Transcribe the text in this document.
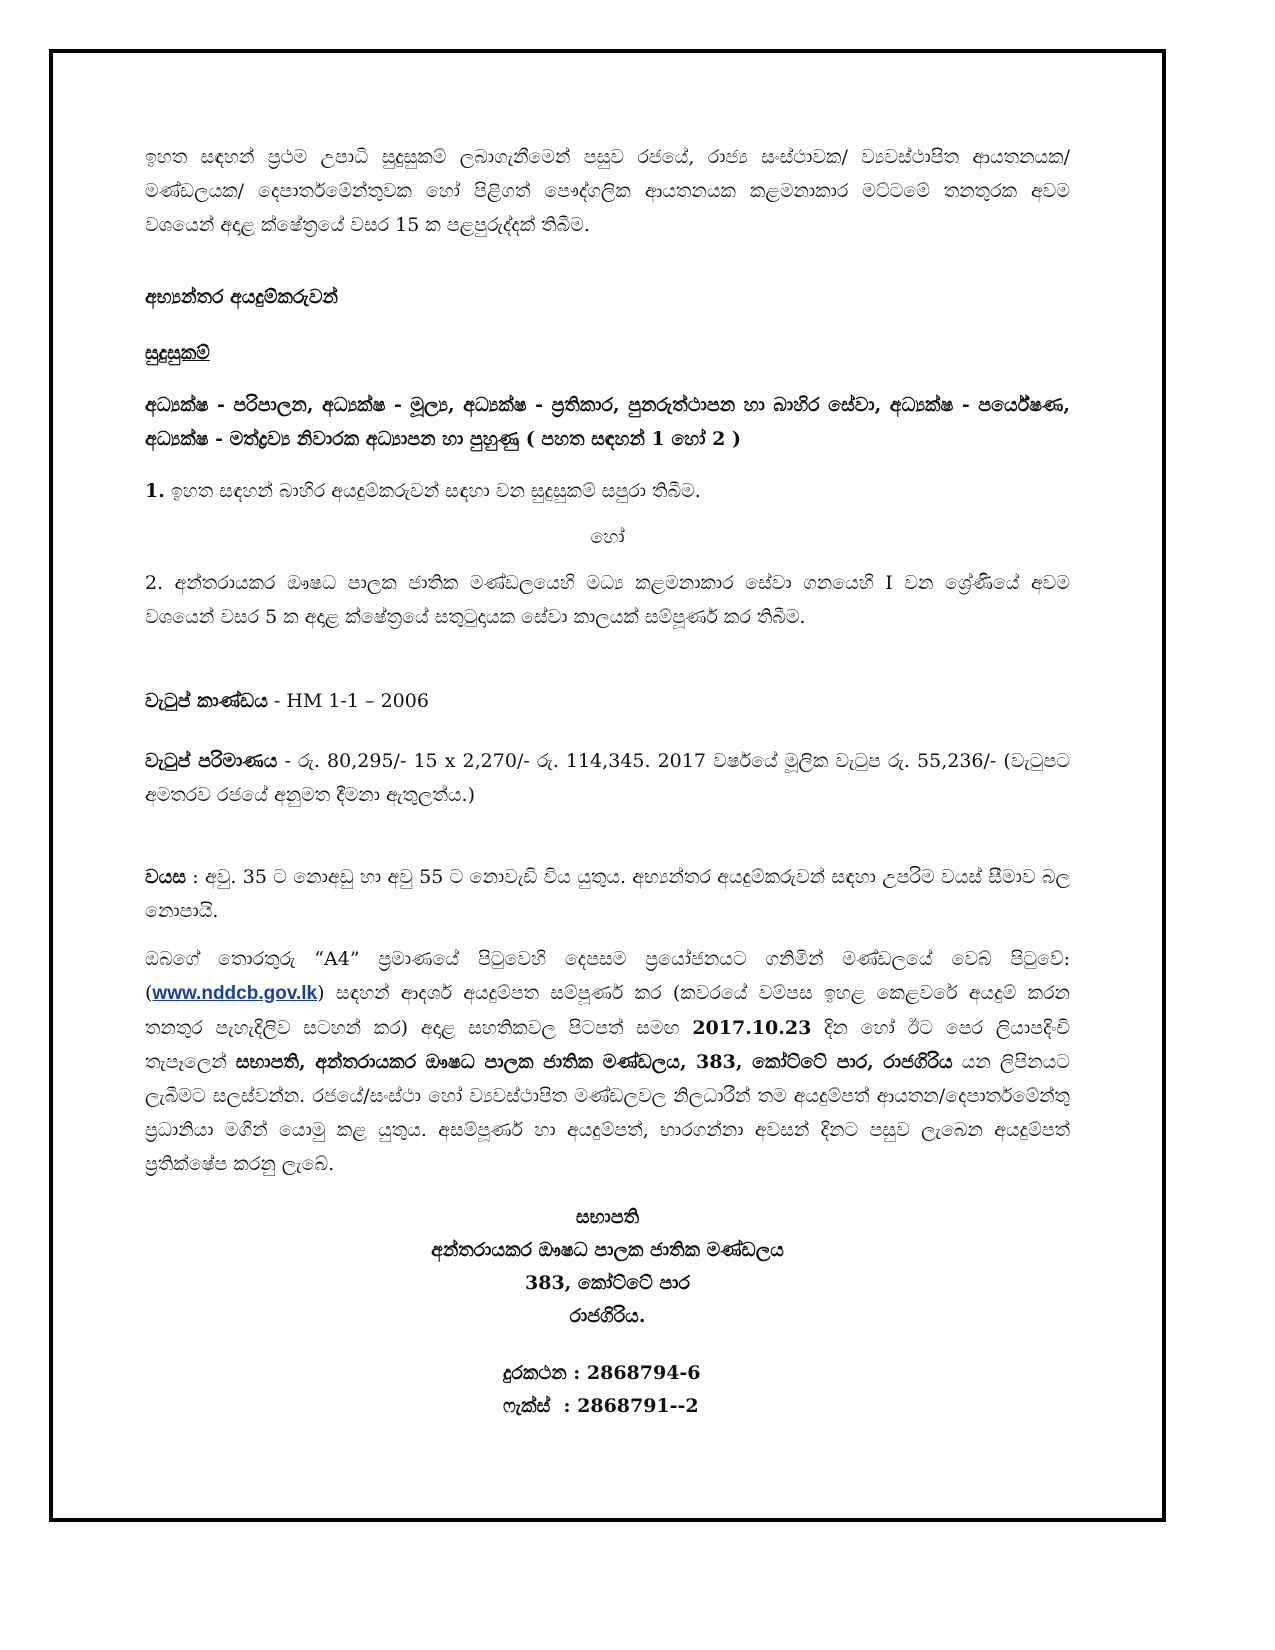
ඉහත සඳහන් ප්‍රථම උපාධි සුදුසුකම් ලබාගැනීමෙන් පසුව රජයේ, රාජ්‍ය සංස්ථාවක/ ව්‍යවස්ථාපිත ආයතනයක/ මණ්ඩලයක/ දෙපාර්තමේන්තුවක හෝ පිළිගත් පෞද්ගලික ආයතනයක කළමනාකාර මට්ටමේ තනතුරක අවම වශයෙන් අදාළ ක්ෂේත්‍රයේ වසර 15 ක පළපුරුද්දක් තිබීම.

අභ්‍යන්තර අයදුම්කරුවන්

සුදුසුකම්

අධ්‍යක්ෂ - පරිපාලන, අධ්‍යක්ෂ - මූල්‍ය, අධ්‍යක්ෂ - ප්‍රතිකාර, පුනරුත්ථාපන හා බාහිර සේවා, අධ්‍යක්ෂ - පර්යේෂණ, අධ්‍යක්ෂ - මත්ද්‍රව්‍ය නිවාරක අධ්‍යාපන හා පුහුණු ( පහත සඳහන් 1 හෝ 2 )

1. ඉහත සඳහන් බාහිර අයදුම්කරුවන් සඳහා වන සුදුසුකම් සපුරා තිබීම.

හෝ

2. අන්තරායකර ඖෂධ පාලක ජාතික මණ්ඩලයෙහි මධ්‍ය කළමනාකාර සේවා ගනයෙහි I වන ශ්‍රේණියේ අවම වශයෙන් වසර 5 ක අදාළ ක්ෂේත්‍රයේ සතුටුදායක සේවා කාලයක් සම්පූර්ණ කර තිබීම.

වැටුප් කාණ්ඩය - HM 1-1 – 2006

වැටුප් පරිමාණය - රු. 80,295/- 15 x 2,270/- රු. 114,345. 2017 වර්ෂයේ මූලික වැටුප රු. 55,236/- (වැටුපට අමතරව රජයේ අනුමත දීමනා ඇතුලත්ය.)

වයස : අවු. 35 ට නොඅඩු හා අවු 55 ට නොවැඩි විය යුතුය. අභ්‍යන්තර අයදුම්කරුවන් සඳහා උපරිම වයස් සීමාව බල නොපායි.

ඔබගේ තොරතුරු “A4” ප්‍රමාණයේ පිටුවෙහි දෙපසම ප්‍රයෝජනයට ගනිමින් මණ්ඩලයේ වෙබ් පිටුවේ: (www.nddcb.gov.lk) සඳහන් ආදර්ශ අයදුම්පත සම්පූර්ණ කර (කවරයේ වම්පස ඉහළ කෙළවරේ අයදුම් කරන තනතුර පැහැදිලිව සටහන් කර) අදාළ සහතිකවල පිටපත් සමඟ 2017.10.23 දින හෝ ඊට පෙර ලියාපදිංචි තැපෑලෙන් සභාපති, අන්තරායකර ඖෂධ පාලක ජාතික මණ්ඩලය, 383, කෝට්ටේ පාර, රාජගිරිය යන ලිපිනයට ලැබීමට සලස්වන්න. රජයේ/සංස්ථා හෝ ව්‍යවස්ථාපිත මණ්ඩලවල නිලධාරීන් තම අයදුම්පත් ආයතන/දෙපාර්තමේන්තු ප්‍රධානියා මගින් යොමු කළ යුතුය. අසම්පූර්ණ හා අයදුම්පත්, භාරගන්නා අවසන් දිනට පසුව ලැබෙන අයදුම්පත් ප්‍රතික්ෂේප කරනු ලැබේ.

සභාපති
අන්තරායකර ඖෂධ පාලක ජාතික මණ්ඩලය
383, කෝට්ටේ පාර
රාජගිරිය.
දුරකථන : 2868794-6
ෆැක්ස්  : 2868791--2
